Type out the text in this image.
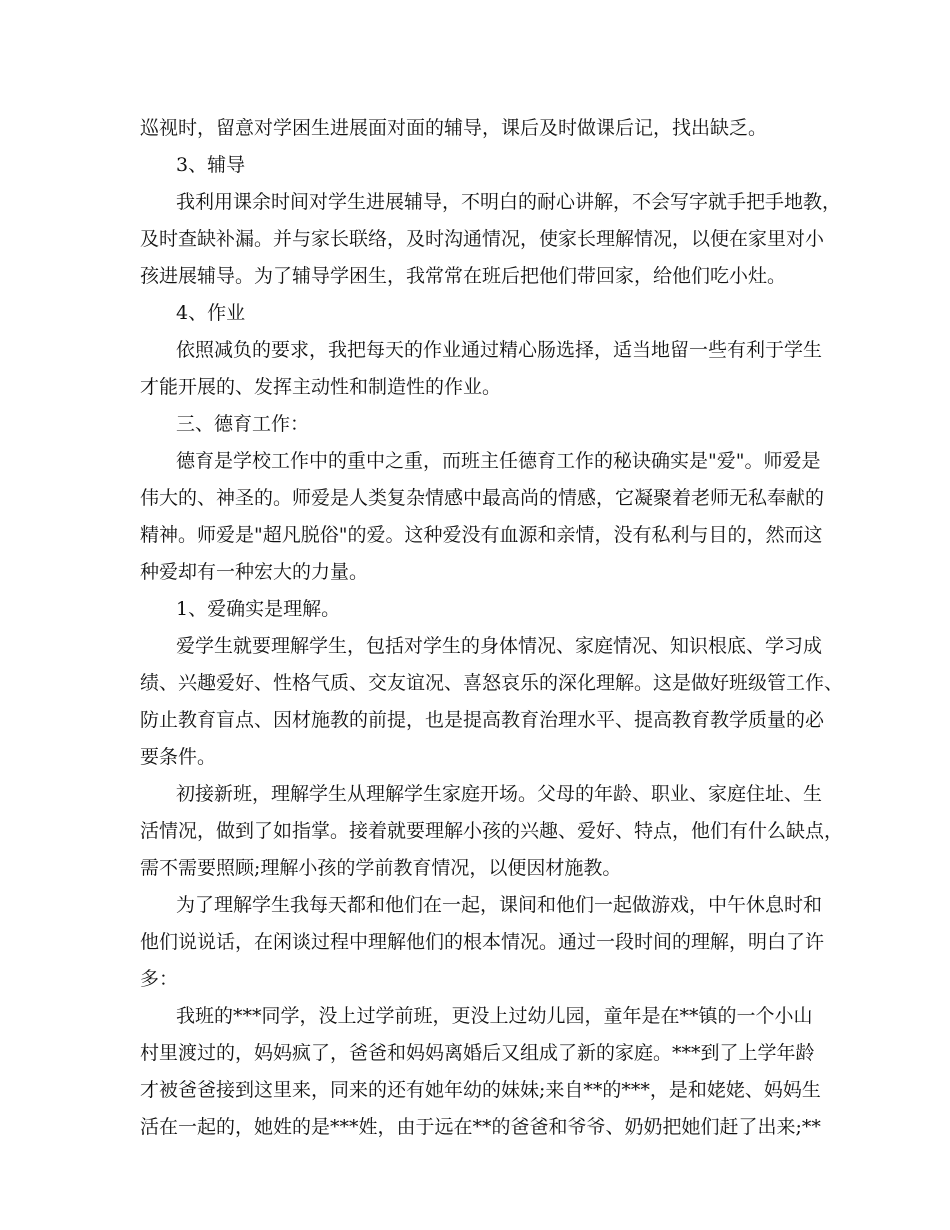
巡视时，留意对学困生进展面对面的辅导，课后及时做课后记，找出缺乏。

3、辅导

我利用课余时间对学生进展辅导，不明白的耐心讲解，不会写字就手把手地教，
及时查缺补漏。并与家长联络，及时沟通情况，使家长理解情况，以便在家里对小
孩进展辅导。为了辅导学困生，我常常在班后把他们带回家，给他们吃小灶。

4、作业

依照减负的要求，我把每天的作业通过精心肠选择，适当地留一些有利于学生
才能开展的、发挥主动性和制造性的作业。

三、德育工作：

德育是学校工作中的重中之重，而班主任德育工作的秘诀确实是"爱"。师爱是
伟大的、神圣的。师爱是人类复杂情感中最高尚的情感，它凝聚着老师无私奉献的
精神。师爱是"超凡脱俗"的爱。这种爱没有血源和亲情，没有私利与目的，然而这
种爱却有一种宏大的力量。

1、爱确实是理解。

爱学生就要理解学生，包括对学生的身体情况、家庭情况、知识根底、学习成
绩、兴趣爱好、性格气质、交友谊况、喜怒哀乐的深化理解。这是做好班级管工作、
防止教育盲点、因材施教的前提，也是提高教育治理水平、提高教育教学质量的必
要条件。

初接新班，理解学生从理解学生家庭开场。父母的年龄、职业、家庭住址、生
活情况，做到了如指掌。接着就要理解小孩的兴趣、爱好、特点，他们有什么缺点，
需不需要照顾;理解小孩的学前教育情况，以便因材施教。

为了理解学生我每天都和他们在一起，课间和他们一起做游戏，中午休息时和
他们说说话，在闲谈过程中理解他们的根本情况。通过一段时间的理解，明白了许
多：

我班的***同学，没上过学前班，更没上过幼儿园，童年是在**镇的一个小山
村里渡过的，妈妈疯了，爸爸和妈妈离婚后又组成了新的家庭。***到了上学年龄
才被爸爸接到这里来，同来的还有她年幼的妹妹;来自**的***，是和姥姥、妈妈生
活在一起的，她姓的是***姓，由于远在**的爸爸和爷爷、奶奶把她们赶了出来;**
